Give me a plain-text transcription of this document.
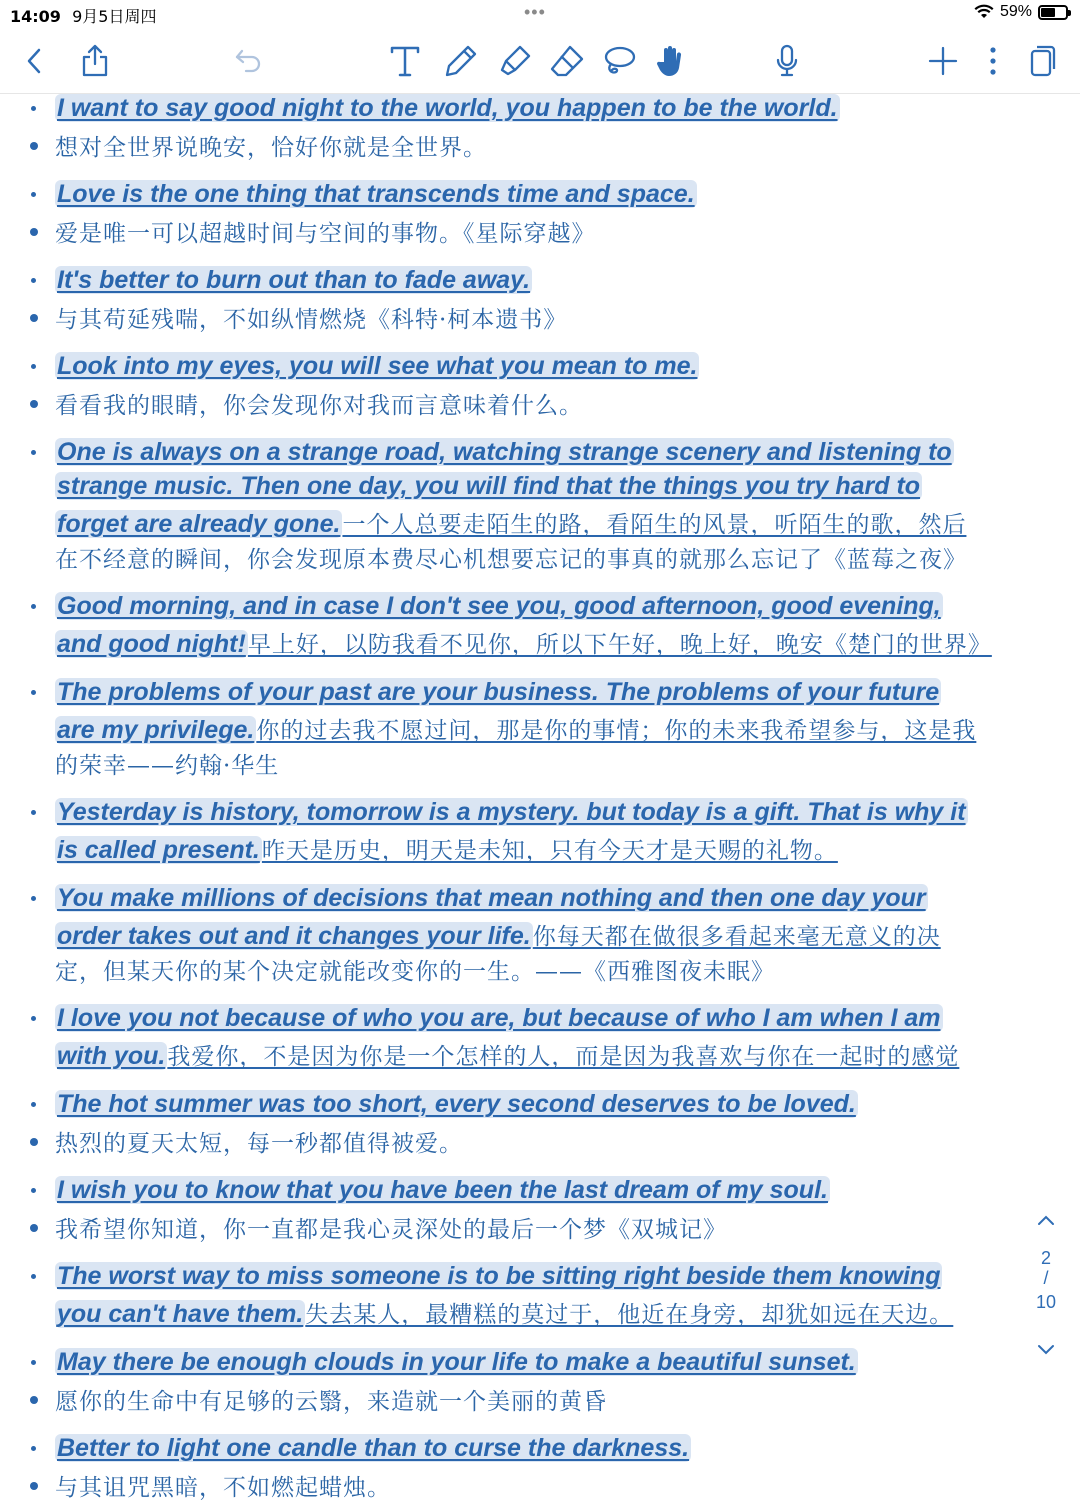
14:09 9月5日周四	•••	59%
I want to say good night to the world, you happen to be the world.
想对全世界说晚安，恰好你就是全世界。
Love is the one thing that transcends time and space.
爱是唯一可以超越时间与空间的事物。《星际穿越》
It's better to burn out than to fade away.
与其苟延残喘，不如纵情燃烧《科特·柯本遗书》
Look into my eyes, you will see what you mean to me.
看看我的眼睛，你会发现你对我而言意味着什么。
One is always on a strange road, watching strange scenery and listening to
strange music. Then one day, you will find that the things you try hard to
forget are already gone.一个人总要走陌生的路，看陌生的风景，听陌生的歌，然后
在不经意的瞬间，你会发现原本费尽心机想要忘记的事真的就那么忘记了《蓝莓之夜》
Good morning, and in case I don't see you, good afternoon, good evening,
and good night!早上好，以防我看不见你，所以下午好，晚上好，晚安《楚门的世界》
The problems of your past are your business. The problems of your future
are my privilege.你的过去我不愿过问，那是你的事情；你的未来我希望参与，这是我
的荣幸——约翰·华生
Yesterday is history, tomorrow is a mystery. but today is a gift. That is why it
is called present.昨天是历史，明天是未知，只有今天才是天赐的礼物。
You make millions of decisions that mean nothing and then one day your
order takes out and it changes your life.你每天都在做很多看起来毫无意义的决
定，但某天你的某个决定就能改变你的一生。——《西雅图夜未眠》
I love you not because of who you are, but because of who I am when I am
with you.我爱你，不是因为你是一个怎样的人，而是因为我喜欢与你在一起时的感觉
The hot summer was too short, every second deserves to be loved.
热烈的夏天太短，每一秒都值得被爱。
I wish you to know that you have been the last dream of my soul.
我希望你知道，你一直都是我心灵深处的最后一个梦《双城记》
The worst way to miss someone is to be sitting right beside them knowing
you can't have them.失去某人，最糟糕的莫过于，他近在身旁，却犹如远在天边。
May there be enough clouds in your life to make a beautiful sunset.
愿你的生命中有足够的云翳，来造就一个美丽的黄昏
Better to light one candle than to curse the darkness.
与其诅咒黑暗，不如燃起蜡烛。
2
/
10
